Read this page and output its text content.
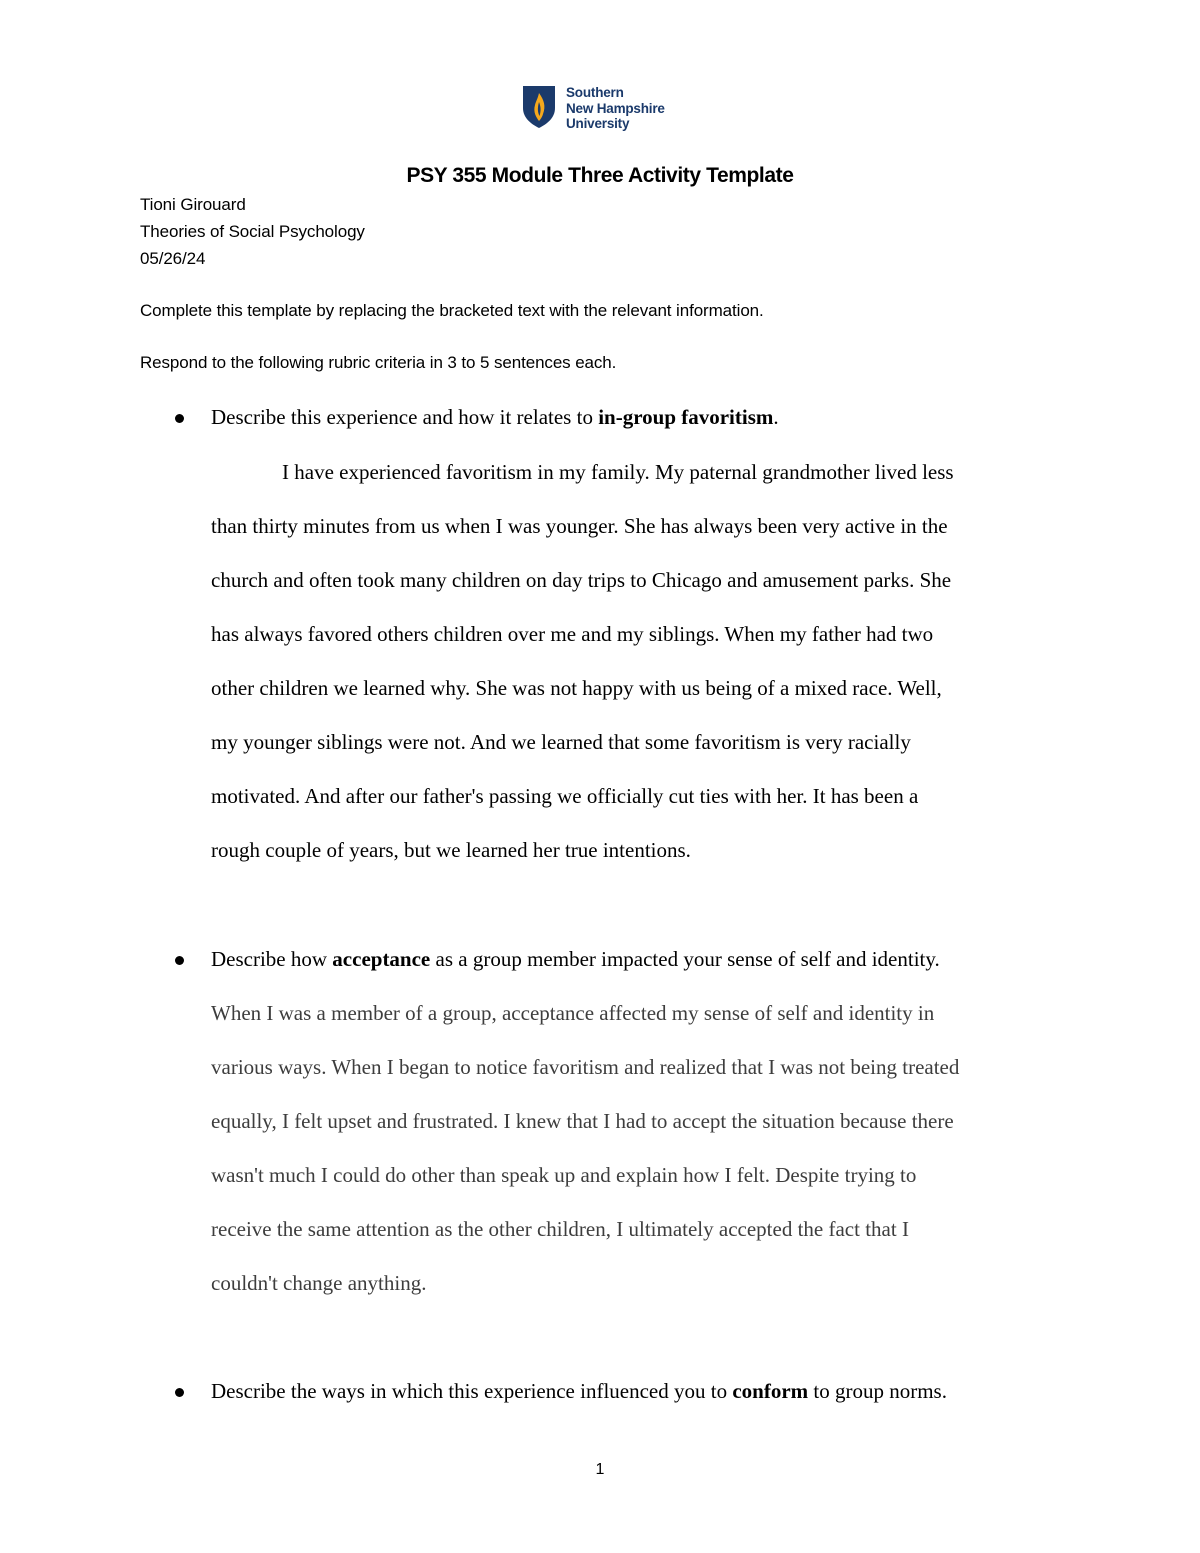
Southern
New Hampshire
University
PSY 355 Module Three Activity Template
Tioni Girouard
Theories of Social Psychology
05/26/24
Complete this template by replacing the bracketed text with the relevant information.
Respond to the following rubric criteria in 3 to 5 sentences each.
Describe this experience and how it relates to in-group favoritism.
I have experienced favoritism in my family. My paternal grandmother lived less
than thirty minutes from us when I was younger. She has always been very active in the
church and often took many children on day trips to Chicago and amusement parks. She
has always favored others children over me and my siblings. When my father had two
other children we learned why. She was not happy with us being of a mixed race. Well,
my younger siblings were not. And we learned that some favoritism is very racially
motivated. And after our father's passing we officially cut ties with her. It has been a
rough couple of years, but we learned her true intentions.
Describe how acceptance as a group member impacted your sense of self and identity.
When I was a member of a group, acceptance affected my sense of self and identity in
various ways. When I began to notice favoritism and realized that I was not being treated
equally, I felt upset and frustrated. I knew that I had to accept the situation because there
wasn't much I could do other than speak up and explain how I felt. Despite trying to
receive the same attention as the other children, I ultimately accepted the fact that I
couldn't change anything.
Describe the ways in which this experience influenced you to conform to group norms.
1
